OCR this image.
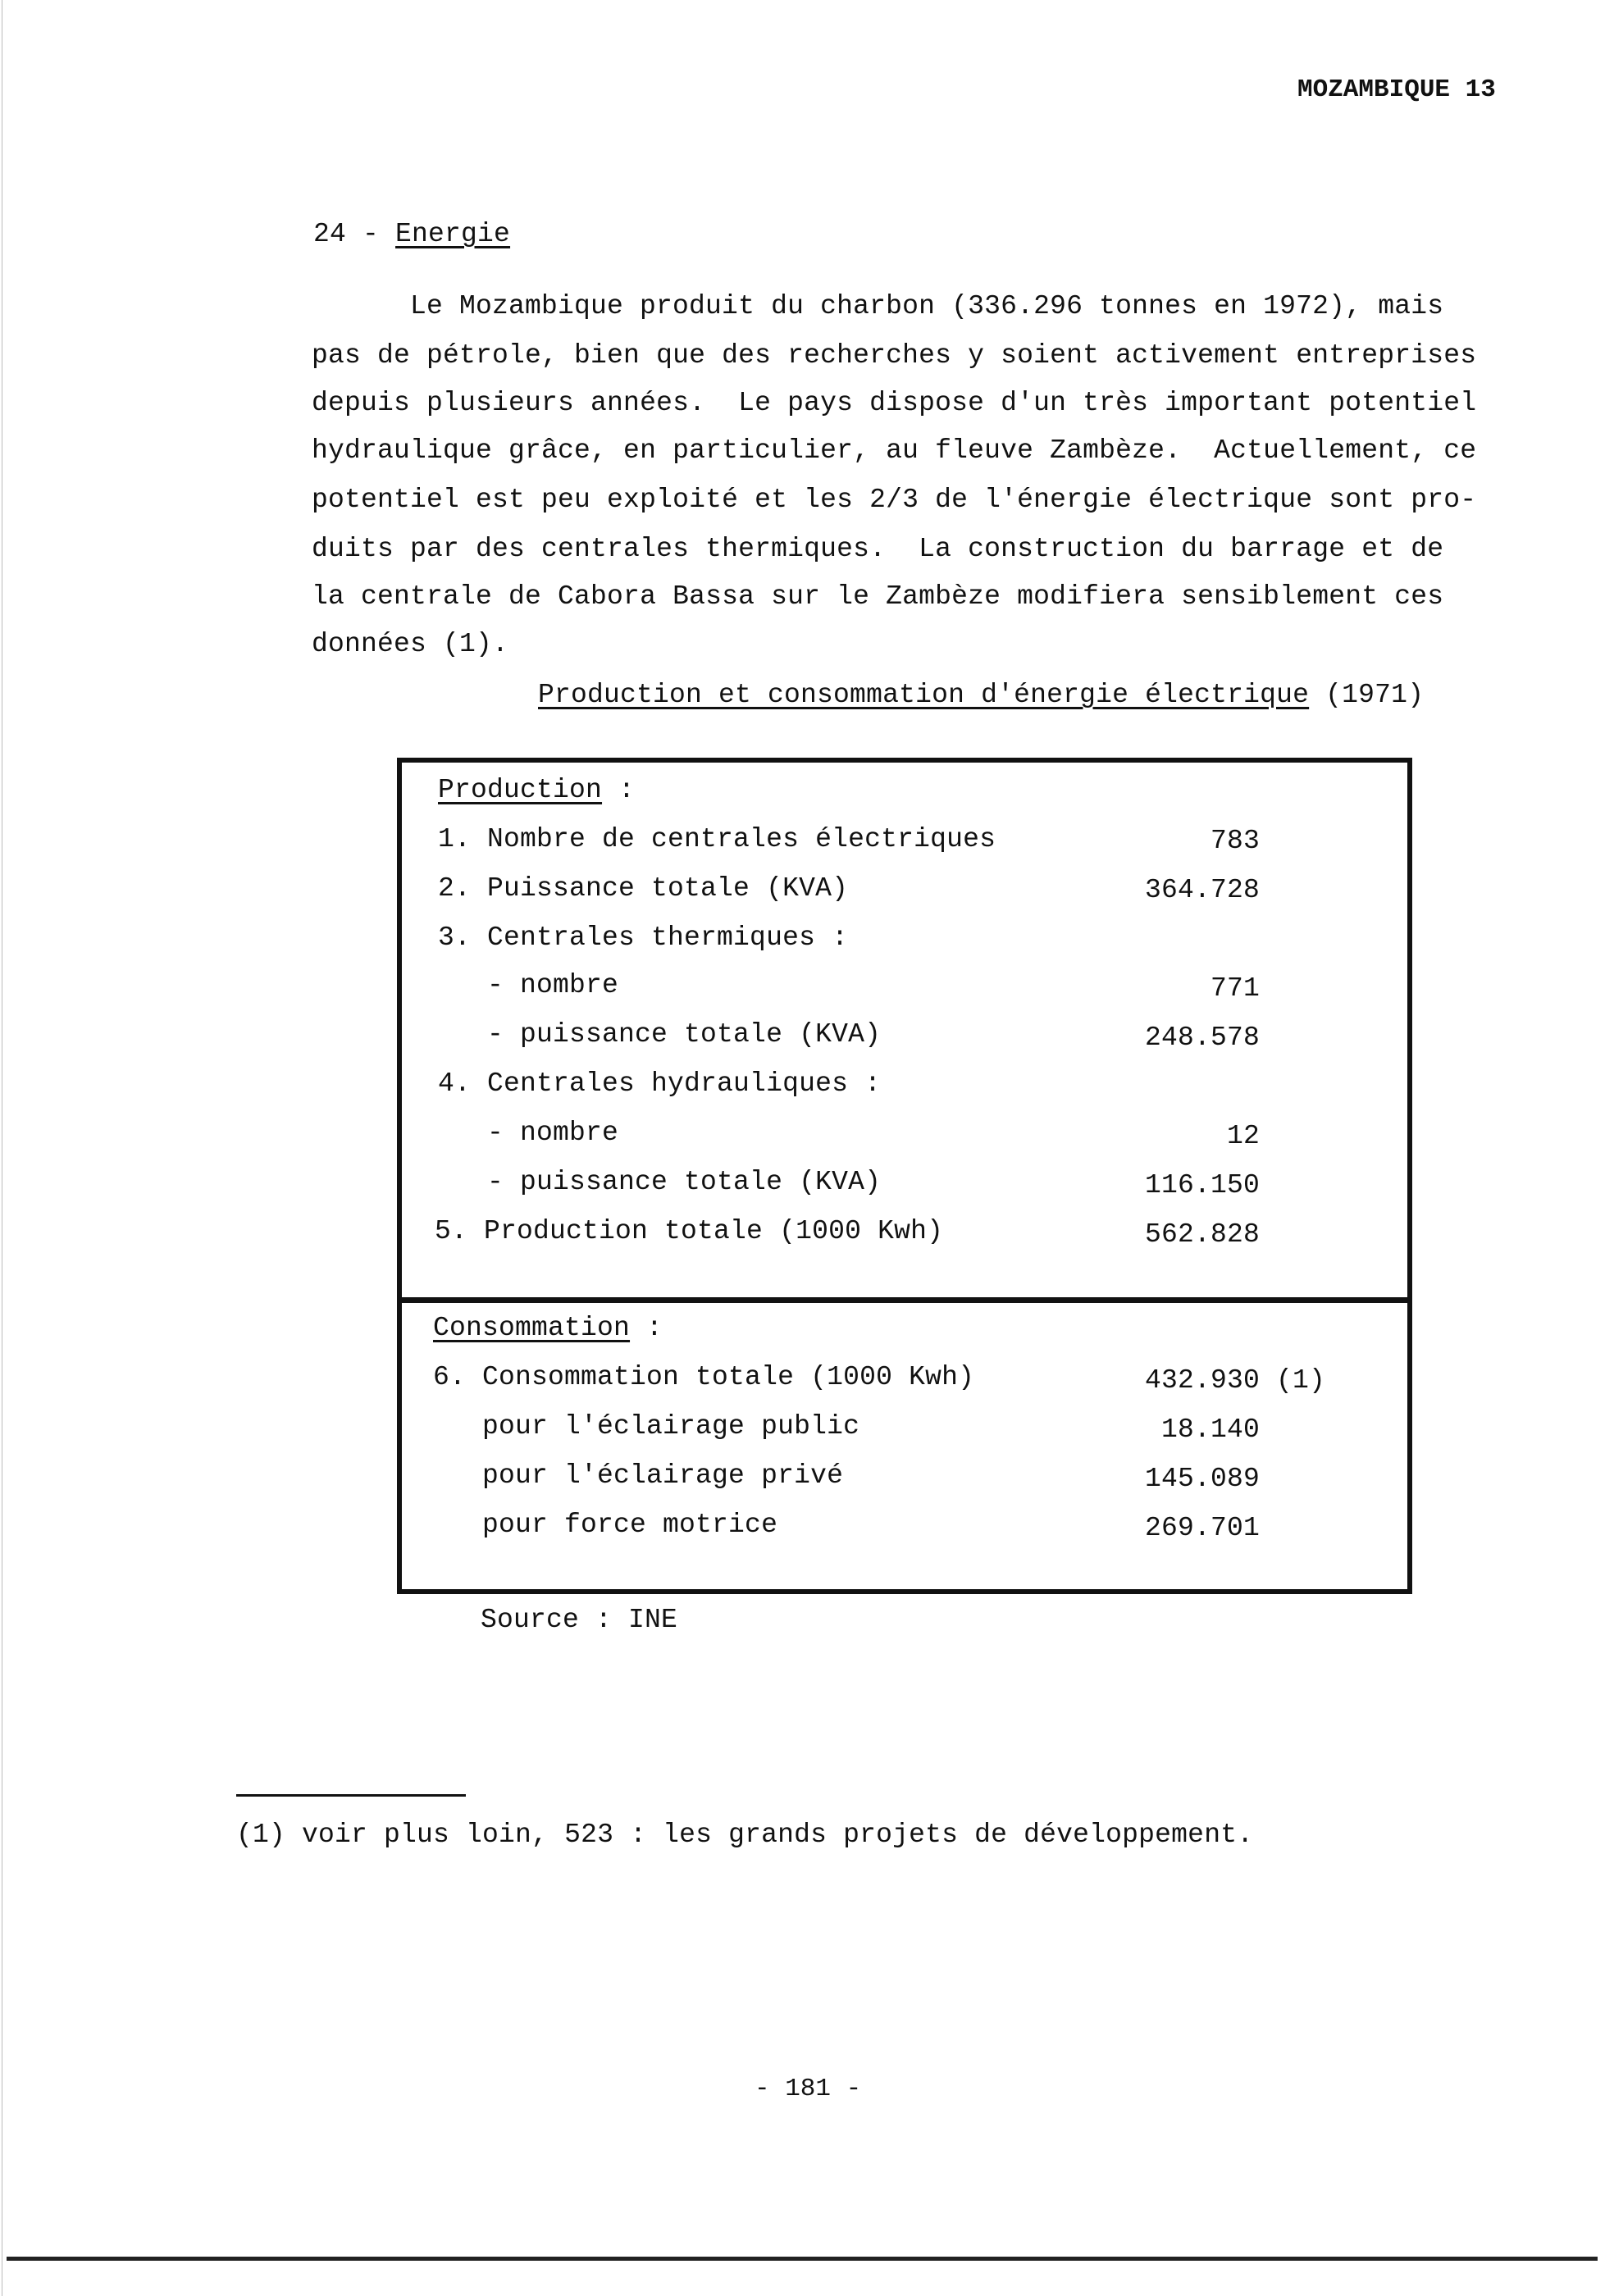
MOZAMBIQUE 13
24 - Energie
Le Mozambique produit du charbon (336.296 tonnes en 1972), mais
pas de pétrole, bien que des recherches y soient activement entreprises
depuis plusieurs années.  Le pays dispose d'un très important potentiel
hydraulique grâce, en particulier, au fleuve Zambèze.  Actuellement, ce
potentiel est peu exploité et les 2/3 de l'énergie électrique sont pro-
duits par des centrales thermiques.  La construction du barrage et de
la centrale de Cabora Bassa sur le Zambèze modifiera sensiblement ces
données (1).
Production et consommation d'énergie électrique (1971)
Production :
1. Nombre de centrales électriques	783
2. Puissance totale (KVA)	364.728
3. Centrales thermiques :
- nombre	771
- puissance totale (KVA)	248.578
4. Centrales hydrauliques :
- nombre	12
- puissance totale (KVA)	116.150
5. Production totale (1000 Kwh)	562.828
Consommation :
6. Consommation totale (1000 Kwh)	432.930 (1)
pour l'éclairage public	18.140
pour l'éclairage privé	145.089
pour force motrice	269.701
Source : INE
(1) voir plus loin, 523 : les grands projets de développement.
- 181 -
